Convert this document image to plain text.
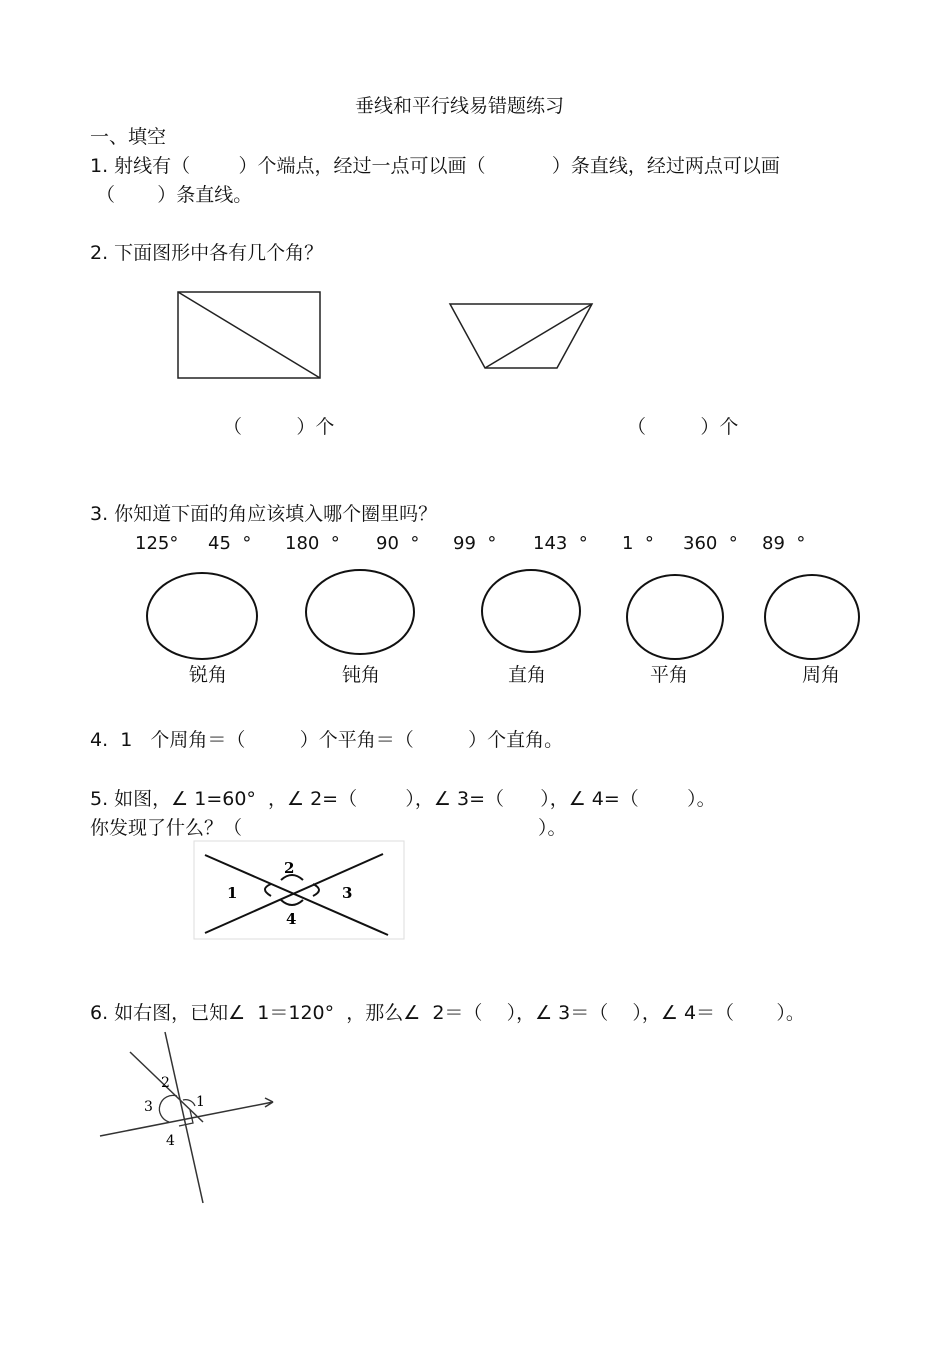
垂线和平行线易错题练习
一、填空
1. 射线有（        ）个端点，经过一点可以画（           ）条直线，经过两点可以画
（       ）条直线。
2. 下面图形中各有几个角？
（         ）个	（         ）个
3. 你知道下面的角应该填入哪个圈里吗？
125° 45  ° 180  ° 90  ° 99  ° 143  ° 1  ° 360  ° 89  °
锐角	钝角	直角	平角	周角
4.  1   个周角＝（         ）个平角＝（         ）个直角。
5. 如图，∠ 1=60°  ，∠ 2=（        ），∠ 3=（      ），∠ 4=（        ）。
你发现了什么？（                                                 ）。
1
2
3
4
6. 如右图，已知∠  1＝120°  ，那么∠  2＝（    ），∠ 3＝（    ），∠ 4＝（       ）。
2
1
3
4
